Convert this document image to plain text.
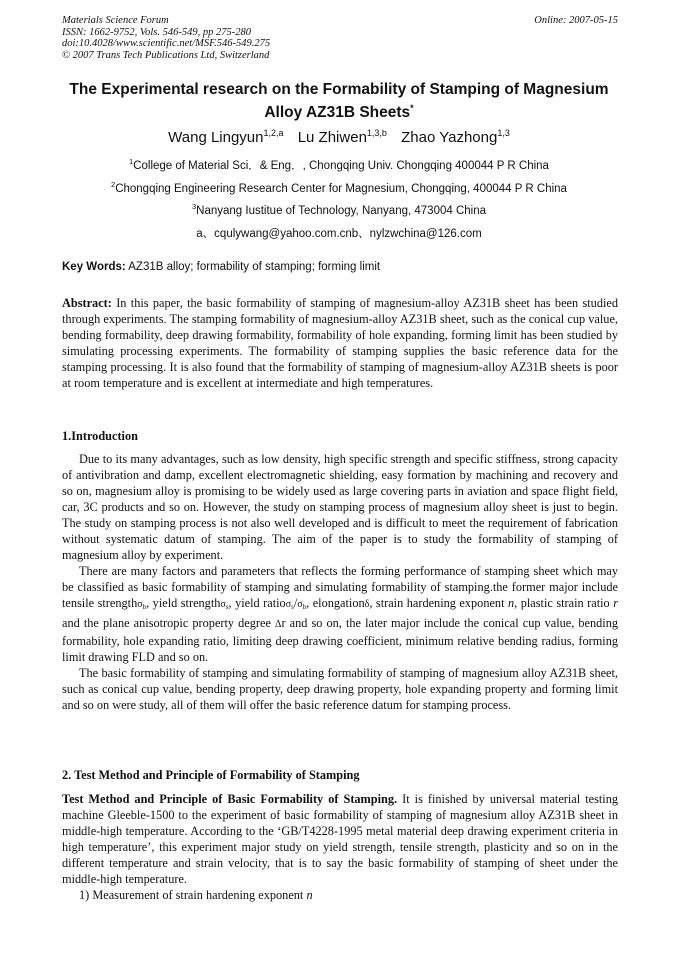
Materials Science Forum
ISSN: 1662-9752, Vols. 546-549, pp 275-280
doi:10.4028/www.scientific.net/MSF.546-549.275
© 2007 Trans Tech Publications Ltd, Switzerland
Online: 2007-05-15
The Experimental research on the Formability of Stamping of Magnesium
Alloy AZ31B Sheets*
Wang Lingyun$^{1,2,a}$ Lu Zhiwen$^{1,3,b}$ Zhao Yazhong$^{1,3}$
$^1$College of Material Sci．& Eng．, Chongqing Univ. Chongqing 400044 P R China
$^2$Chongqing Engineering Research Center for Magnesium, Chongqing, 400044 P R China
$^3$Nanyang Iustitue of Technology, Nanyang, 473004 China
a、cqulywang@yahoo.com.cnb、nylzwchina@126.com
Key Words: AZ31B alloy; formability of stamping; forming limit

Abstract: In this paper, the basic formability of stamping of magnesium-alloy AZ31B sheet has been studied through experiments. The stamping formability of magnesium-alloy AZ31B sheet, such as the conical cup value, bending formability, deep drawing formability, formability of hole expanding, forming limit has been studied by simulating processing experiments. The formability of stamping supplies the basic reference data for the stamping processing. It is also found that the formability of stamping of magnesium-alloy AZ31B sheets is poor at room temperature and is excellent at intermediate and high temperatures.

1.Introduction

Due to its many advantages, such as low density, high specific strength and specific stiffness, strong capacity of antivibration and damp, excellent electromagnetic shielding, easy formation by machining and recovery and so on, magnesium alloy is promising to be widely used as large covering parts in aviation and space flight field, car, 3C products and so on. However, the study on stamping process of magnesium alloy sheet is just to begin. The study on stamping process is not also well developed and is difficult to meet the requirement of fabrication without systematic datum of stamping. The aim of the paper is to study the formability of stamping of magnesium alloy by experiment.

There are many factors and parameters that reflects the forming performance of stamping sheet which may be classified as basic formability of stamping and simulating formability of stamping.the former major include tensile strengthσ$_b$, yield strengthσ$_s$, yield $ratio\sigma_s/\sigma_b$, elongationδ, strain hardening exponent n, plastic strain ratio r and the plane anisotropic property degree Δr and so on, the later major include the conical cup value, bending formability, hole expanding ratio, limiting deep drawing coefficient, minimum relative bending radius, forming limit drawing FLD and so on.

The basic formability of stamping and simulating formability of stamping of magnesium alloy AZ31B sheet, such as conical cup value, bending property, deep drawing property, hole expanding property and forming limit and so on were study, all of them will offer the basic reference datum for stamping process.

2. Test Method and Principle of Formability of Stamping

Test Method and Principle of Basic Formability of Stamping. It is finished by universal material testing machine Gleeble-1500 to the experiment of basic formability of stamping of magnesium alloy AZ31B sheet in middle-high temperature. According to the ‘GB/T4228-1995 metal material deep drawing experiment criteria in high temperature’, this experiment major study on yield strength, tensile strength, plasticity and so on in the different temperature and strain velocity, that is to say the basic formability of stamping of sheet under the middle-high temperature.

1) Measurement of strain hardening exponent n
